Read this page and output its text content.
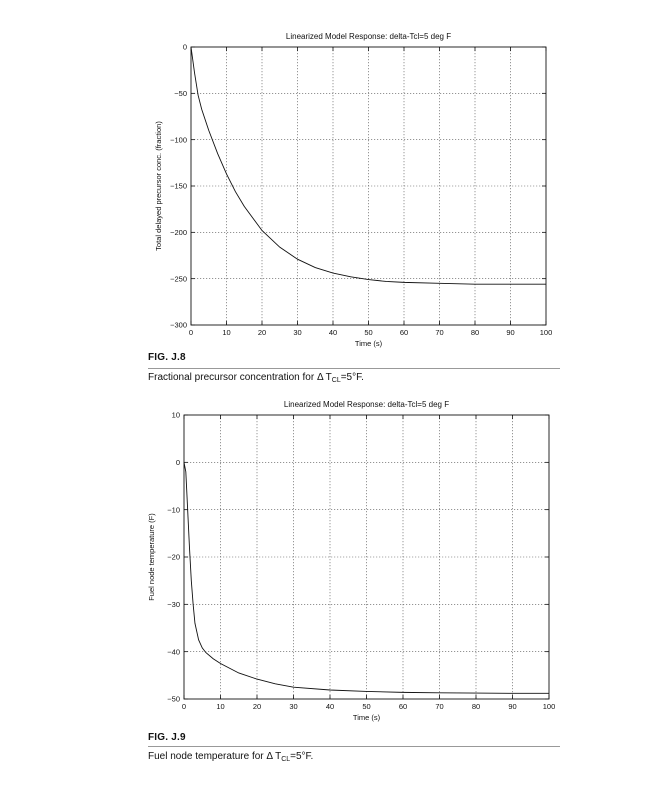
0	10	20	30	40	50	60	70	80	90	100
0
−50
−100
−150
−200
−250
−300
Linearized Model Response: delta-Tcl=5 deg F
Time (s)
Total delayed precursor conc. (fraction)
0	10	20	30	40	50	60	70	80	90	100
10
0
−10
−20
−30
−40
−50
Linearized Model Response: delta-Tcl=5 deg F
Time (s)
Fuel node temperature (F)
FIG. J.8
Fractional precursor concentration for Δ $T_{CL}=5^\circ F$.
FIG. J.9
Fuel node temperature for Δ $T_{CL}=5^\circ F$.
